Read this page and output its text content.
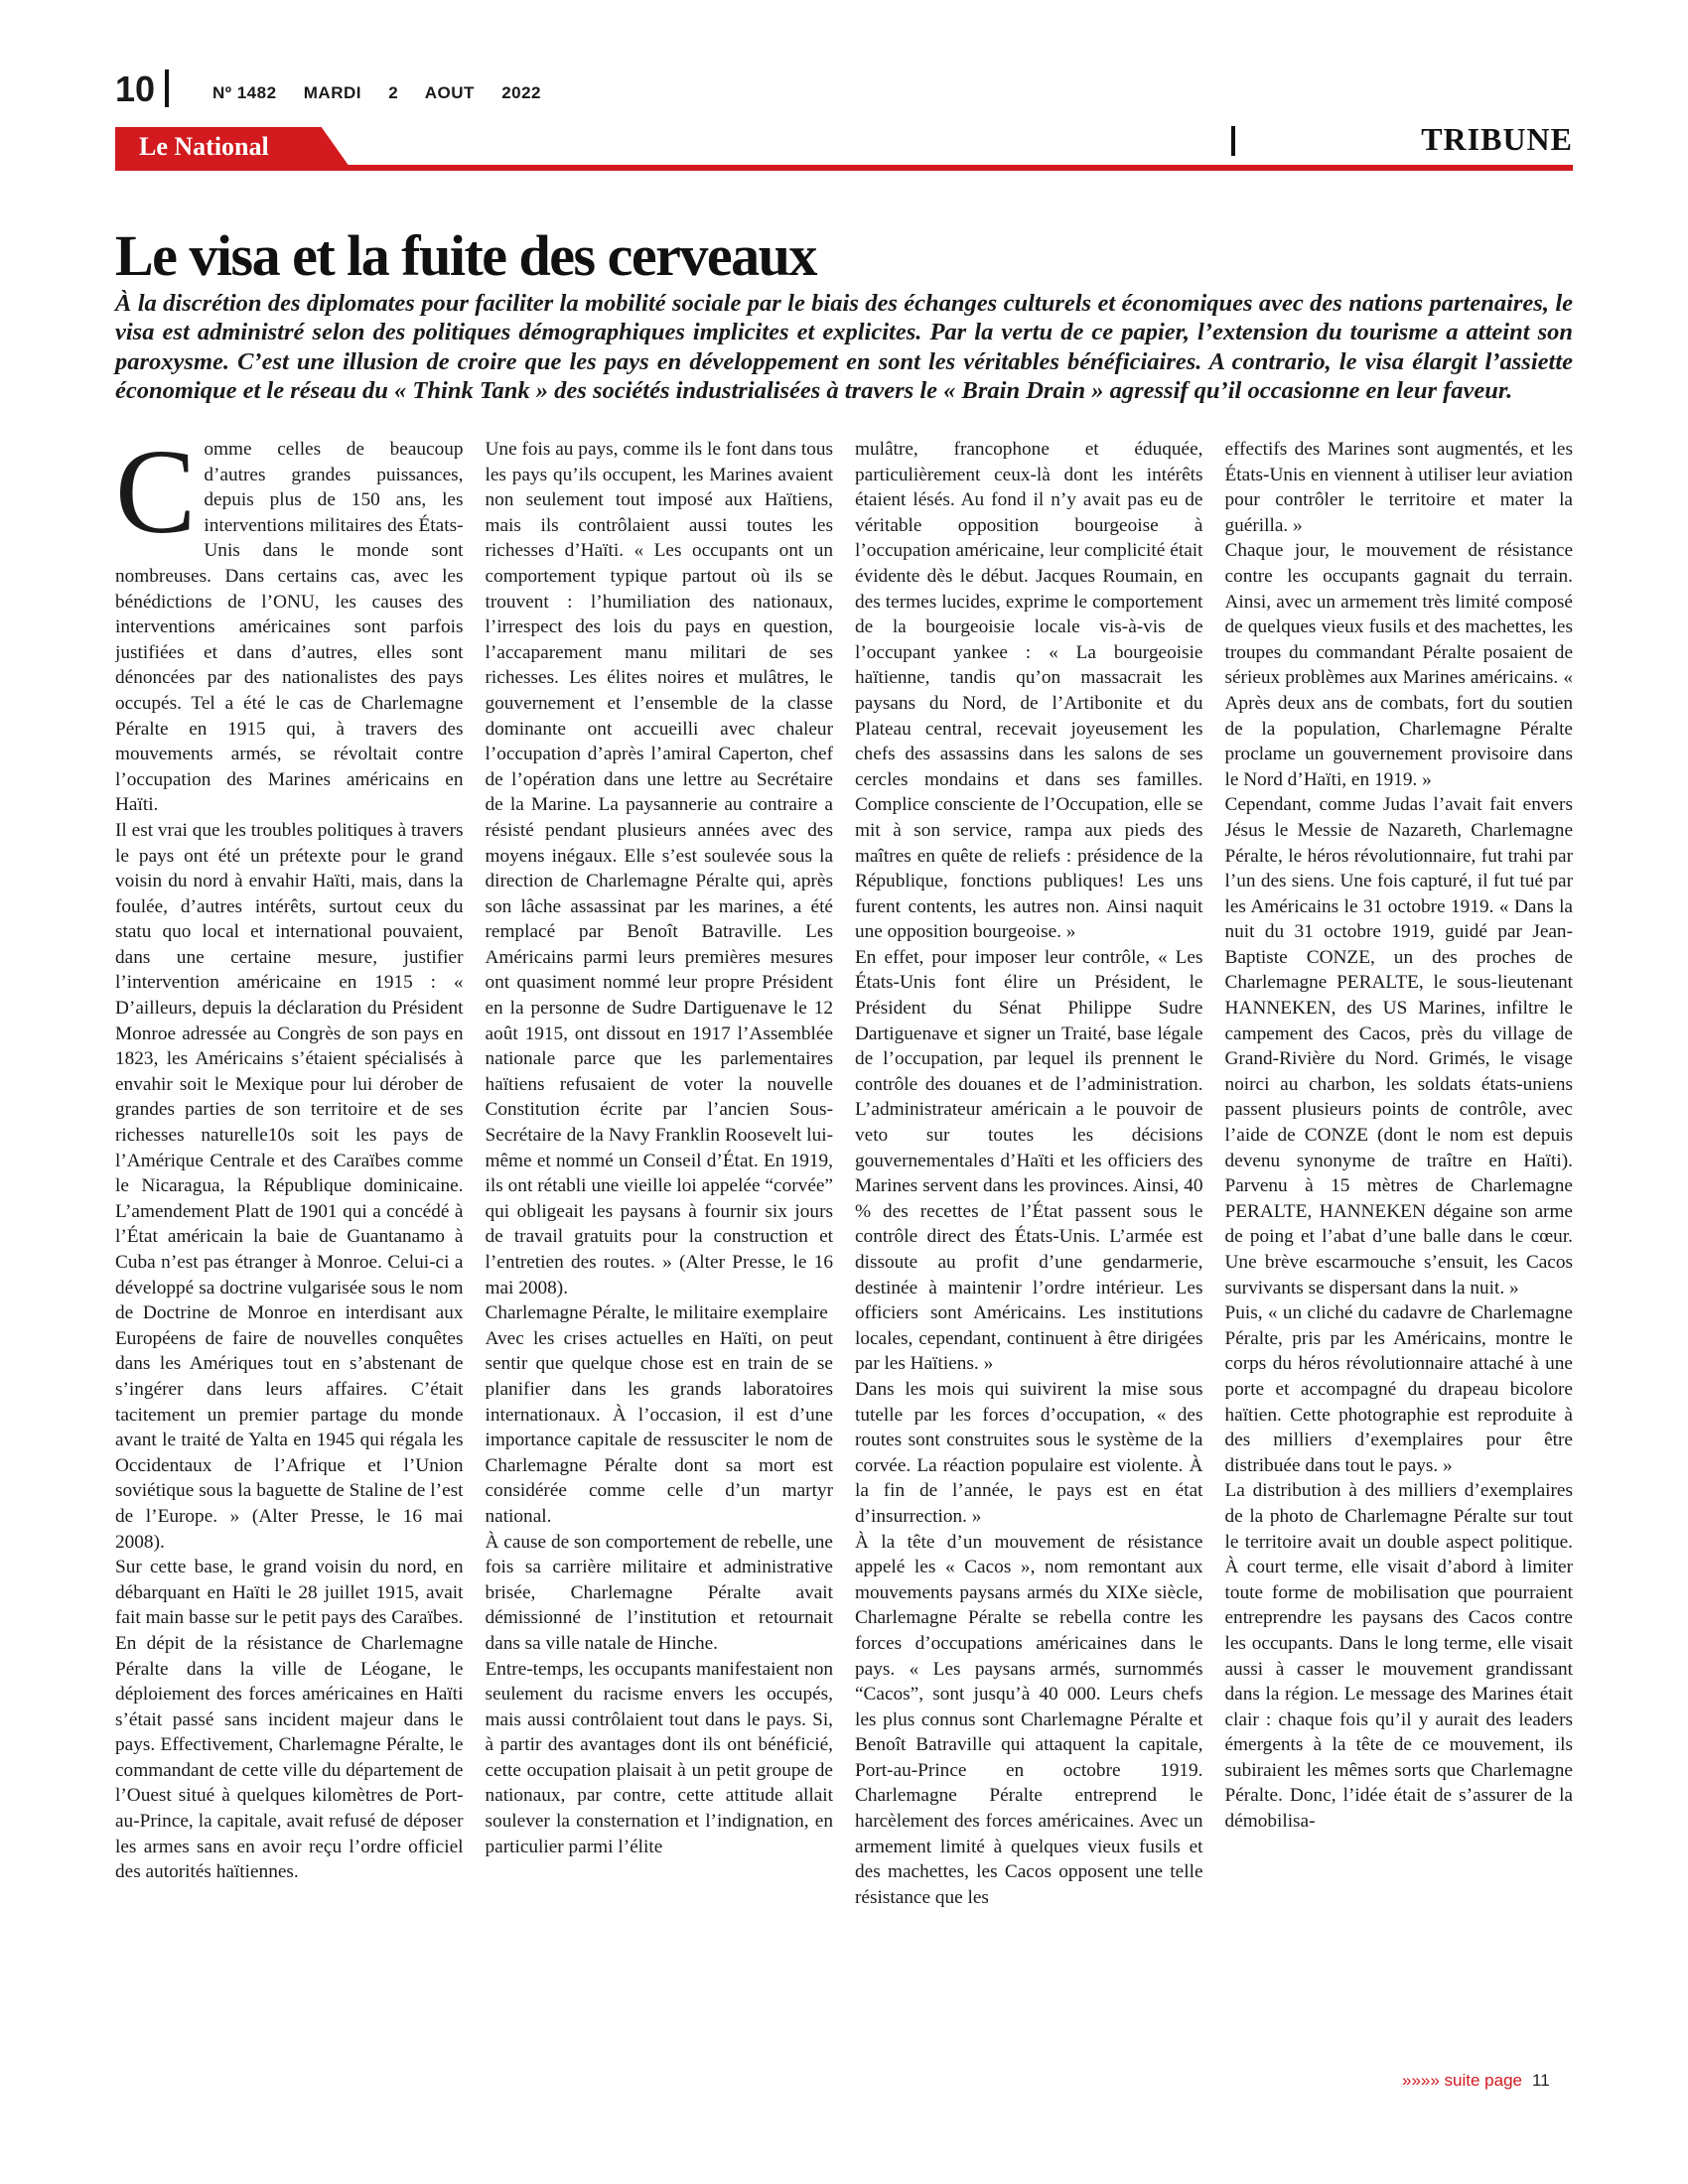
10	Nº 1482 MARDI 2 AOUT 2022
Le National	TRIBUNE
Le visa et la fuite des cerveaux

À la discrétion des diplomates pour faciliter la mobilité sociale par le biais des échanges culturels et économiques avec des nations partenaires, le visa est administré selon des politiques démographiques implicites et explicites. Par la vertu de ce papier, l’extension du tourisme a atteint son paroxysme. C’est une illusion de croire que les pays en développement en sont les véritables bénéficiaires. A contrario, le visa élargit l’assiette économique et le réseau du « Think Tank » des sociétés industrialisées à travers le « Brain Drain » agressif qu’il occasionne en leur faveur.

C omme celles de beaucoup d’autres grandes puissances, depuis plus de 150 ans, les interventions militaires des États-Unis dans le monde sont nombreuses. Dans certains cas, avec les bénédictions de l’ONU, les causes des interventions américaines sont parfois justifiées et dans d’autres, elles sont dénoncées par des nationalistes des pays occupés. Tel a été le cas de Charlemagne Péralte en 1915 qui, à travers des mouvements armés, se révoltait contre l’occupation des Marines américains en Haïti.

Il est vrai que les troubles politiques à travers le pays ont été un prétexte pour le grand voisin du nord à envahir Haïti, mais, dans la foulée, d’autres intérêts, surtout ceux du statu quo local et international pouvaient, dans une certaine mesure, justifier l’intervention américaine en 1915 : « D’ailleurs, depuis la déclaration du Président Monroe adressée au Congrès de son pays en 1823, les Américains s’étaient spécialisés à envahir soit le Mexique pour lui dérober de grandes parties de son territoire et de ses richesses naturelle10s soit les pays de l’Amérique Centrale et des Caraïbes comme le Nicaragua, la République dominicaine. L’amendement Platt de 1901 qui a concédé à l’État américain la baie de Guantanamo à Cuba n’est pas étranger à Monroe. Celui-ci a développé sa doctrine vulgarisée sous le nom de Doctrine de Monroe en interdisant aux Européens de faire de nouvelles conquêtes dans les Amériques tout en s’abstenant de s’ingérer dans leurs affaires. C’était tacitement un premier partage du monde avant le traité de Yalta en 1945 qui régala les Occidentaux de l’Afrique et l’Union soviétique sous la baguette de Staline de l’est de l’Europe. » (Alter Presse, le 16 mai 2008).

Sur cette base, le grand voisin du nord, en débarquant en Haïti le 28 juillet 1915, avait fait main basse sur le petit pays des Caraïbes. En dépit de la résistance de Charlemagne Péralte dans la ville de Léogane, le déploiement des forces américaines en Haïti s’était passé sans incident majeur dans le pays. Effectivement, Charlemagne Péralte, le commandant de cette ville du département de l’Ouest situé à quelques kilomètres de Port-au-Prince, la capitale, avait refusé de déposer les armes sans en avoir reçu l’ordre officiel des autorités haïtiennes.

Une fois au pays, comme ils le font dans tous les pays qu’ils occupent, les Marines avaient non seulement tout imposé aux Haïtiens, mais ils contrôlaient aussi toutes les richesses d’Haïti. « Les occupants ont un comportement typique partout où ils se trouvent : l’humiliation des nationaux, l’irrespect des lois du pays en question, l’accaparement manu militari de ses richesses. Les élites noires et mulâtres, le gouvernement et l’ensemble de la classe dominante ont accueilli avec chaleur l’occupation d’après l’amiral Caperton, chef de l’opération dans une lettre au Secrétaire de la Marine. La paysannerie au contraire a résisté pendant plusieurs années avec des moyens inégaux. Elle s’est soulevée sous la direction de Charlemagne Péralte qui, après son lâche assassinat par les marines, a été remplacé par Benoît Batraville. Les Américains parmi leurs premières mesures ont quasiment nommé leur propre Président en la personne de Sudre Dartiguenave le 12 août 1915, ont dissout en 1917 l’Assemblée nationale parce que les parlementaires haïtiens refusaient de voter la nouvelle Constitution écrite par l’ancien Sous-Secrétaire de la Navy Franklin Roosevelt lui-même et nommé un Conseil d’État. En 1919, ils ont rétabli une vieille loi appelée “corvée” qui obligeait les paysans à fournir six jours de travail gratuits pour la construction et l’entretien des routes. » (Alter Presse, le 16 mai 2008).

Charlemagne Péralte, le militaire exemplaire

Avec les crises actuelles en Haïti, on peut sentir que quelque chose est en train de se planifier dans les grands laboratoires internationaux. À l’occasion, il est d’une importance capitale de ressusciter le nom de Charlemagne Péralte dont sa mort est considérée comme celle d’un martyr national.

À cause de son comportement de rebelle, une fois sa carrière militaire et administrative brisée, Charlemagne Péralte avait démissionné de l’institution et retournait dans sa ville natale de Hinche.

Entre-temps, les occupants manifestaient non seulement du racisme envers les occupés, mais aussi contrôlaient tout dans le pays. Si, à partir des avantages dont ils ont bénéficié, cette occupation plaisait à un petit groupe de nationaux, par contre, cette attitude allait soulever la consternation et l’indignation, en particulier parmi l’élite

mulâtre, francophone et éduquée, particulièrement ceux-là dont les intérêts étaient lésés. Au fond il n’y avait pas eu de véritable opposition bourgeoise à l’occupation américaine, leur complicité était évidente dès le début. Jacques Roumain, en des termes lucides, exprime le comportement de la bourgeoisie locale vis-à-vis de l’occupant yankee : « La bourgeoisie haïtienne, tandis qu’on massacrait les paysans du Nord, de l’Artibonite et du Plateau central, recevait joyeusement les chefs des assassins dans les salons de ses cercles mondains et dans ses familles. Complice consciente de l’Occupation, elle se mit à son service, rampa aux pieds des maîtres en quête de reliefs : présidence de la République, fonctions publiques! Les uns furent contents, les autres non. Ainsi naquit une opposition bourgeoise. »

En effet, pour imposer leur contrôle, « Les États-Unis font élire un Président, le Président du Sénat Philippe Sudre Dartiguenave et signer un Traité, base légale de l’occupation, par lequel ils prennent le contrôle des douanes et de l’administration. L’administrateur américain a le pouvoir de veto sur toutes les décisions gouvernementales d’Haïti et les officiers des Marines servent dans les provinces. Ainsi, 40 % des recettes de l’État passent sous le contrôle direct des États-Unis. L’armée est dissoute au profit d’une gendarmerie, destinée à maintenir l’ordre intérieur. Les officiers sont Américains. Les institutions locales, cependant, continuent à être dirigées par les Haïtiens. »

Dans les mois qui suivirent la mise sous tutelle par les forces d’occupation, « des routes sont construites sous le système de la corvée. La réaction populaire est violente. À la fin de l’année, le pays est en état d’insurrection. »

À la tête d’un mouvement de résistance appelé les « Cacos », nom remontant aux mouvements paysans armés du XIXe siècle, Charlemagne Péralte se rebella contre les forces d’occupations américaines dans le pays. « Les paysans armés, surnommés “Cacos”, sont jusqu’à 40 000. Leurs chefs les plus connus sont Charlemagne Péralte et Benoît Batraville qui attaquent la capitale, Port-au-Prince en octobre 1919. Charlemagne Péralte entreprend le harcèlement des forces américaines. Avec un armement limité à quelques vieux fusils et des machettes, les Cacos opposent une telle résistance que les

effectifs des Marines sont augmentés, et les États-Unis en viennent à utiliser leur aviation pour contrôler le territoire et mater la guérilla. »

Chaque jour, le mouvement de résistance contre les occupants gagnait du terrain. Ainsi, avec un armement très limité composé de quelques vieux fusils et des machettes, les troupes du commandant Péralte posaient de sérieux problèmes aux Marines américains. « Après deux ans de combats, fort du soutien de la population, Charlemagne Péralte proclame un gouvernement provisoire dans le Nord d’Haïti, en 1919. »

Cependant, comme Judas l’avait fait envers Jésus le Messie de Nazareth, Charlemagne Péralte, le héros révolutionnaire, fut trahi par l’un des siens. Une fois capturé, il fut tué par les Américains le 31 octobre 1919. « Dans la nuit du 31 octobre 1919, guidé par Jean-Baptiste CONZE, un des proches de Charlemagne PERALTE, le sous-lieutenant HANNEKEN, des US Marines, infiltre le campement des Cacos, près du village de Grand-Rivière du Nord. Grimés, le visage noirci au charbon, les soldats états-uniens passent plusieurs points de contrôle, avec l’aide de CONZE (dont le nom est depuis devenu synonyme de traître en Haïti). Parvenu à 15 mètres de Charlemagne PERALTE, HANNEKEN dégaine son arme de poing et l’abat d’une balle dans le cœur. Une brève escarmouche s’ensuit, les Cacos survivants se dispersant dans la nuit. »

Puis, « un cliché du cadavre de Charlemagne Péralte, pris par les Américains, montre le corps du héros révolutionnaire attaché à une porte et accompagné du drapeau bicolore haïtien. Cette photographie est reproduite à des milliers d’exemplaires pour être distribuée dans tout le pays. »

La distribution à des milliers d’exemplaires de la photo de Charlemagne Péralte sur tout le territoire avait un double aspect politique. À court terme, elle visait d’abord à limiter toute forme de mobilisation que pourraient entreprendre les paysans des Cacos contre les occupants. Dans le long terme, elle visait aussi à casser le mouvement grandissant dans la région. Le message des Marines était clair : chaque fois qu’il y aurait des leaders émergents à la tête de ce mouvement, ils subiraient les mêmes sorts que Charlemagne Péralte. Donc, l’idée était de s’assurer de la démobilisa-

»»»» suite page 11
